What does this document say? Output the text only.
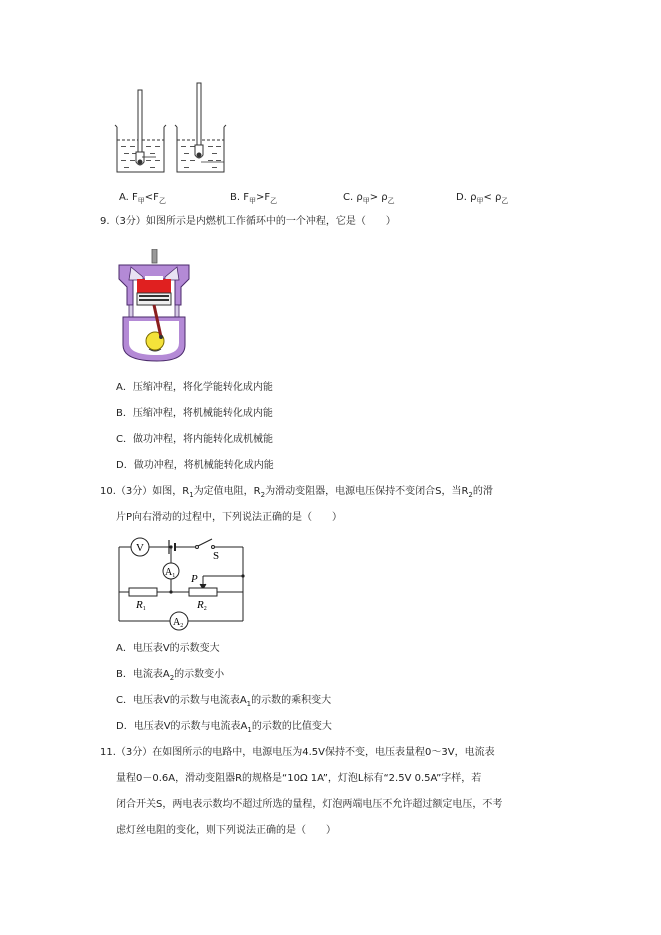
A. $F_甲<F_乙$	B. $F_甲>F_乙$	C. $\rho_甲> \rho_乙$	D. $\rho_甲< \rho_乙$
9.（3分）如图所示是内燃机工作循环中的一个冲程，它是（　　）
A．压缩冲程，将化学能转化成内能
B．压缩冲程，将机械能转化成内能
C．做功冲程，将内能转化成机械能
D．做功冲程，将机械能转化成内能
10.（3分）如图，$R_1$为定值电阻，$R_2$为滑动变阻器，电源电压保持不变闭合S，当$R_2$的滑
片P向右滑动的过程中，下列说法正确的是（　　）
V
$A_1$
$A_2$
S
P
R1	R2
A．电压表V的示数变大
B．电流表$A_2$的示数变小
C．电压表V的示数与电流表$A_1$的示数的乘积变大
D．电压表V的示数与电流表$A_1$的示数的比值变大
11.（3分）在如图所示的电路中，电源电压为4.5V保持不变，电压表量程0～3V，电流表
量程0－0.6A，滑动变阻器R的规格是“10Ω 1A”，灯泡L标有“2.5V 0.5A”字样，若
闭合开关S，两电表示数均不超过所选的量程，灯泡两端电压不允许超过额定电压，不考
虑灯丝电阻的变化，则下列说法正确的是（　　）
